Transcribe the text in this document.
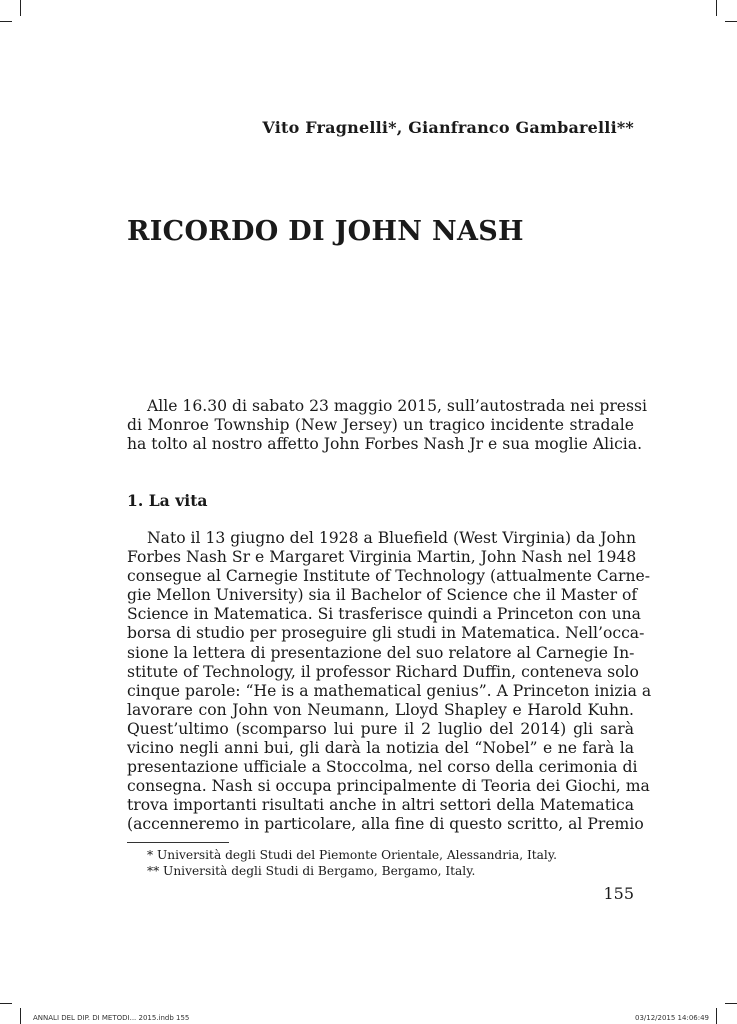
Vito Fragnelli*, Gianfranco Gambarelli**
RICORDO DI JOHN NASH
Alle 16.30 di sabato 23 maggio 2015, sull’autostrada nei pressi
di Monroe Township (New Jersey) un tragico incidente stradale
ha tolto al nostro affetto John Forbes Nash Jr e sua moglie Alicia.
1. La vita
Nato il 13 giugno del 1928 a Bluefield (West Virginia) da John
Forbes Nash Sr e Margaret Virginia Martin, John Nash nel 1948
consegue al Carnegie Institute of Technology (attualmente Carne-
gie Mellon University) sia il Bachelor of Science che il Master of
Science in Matematica. Si trasferisce quindi a Princeton con una
borsa di studio per proseguire gli studi in Matematica. Nell’occa-
sione la lettera di presentazione del suo relatore al Carnegie In-
stitute of Technology, il professor Richard Duffin, conteneva solo
cinque parole: “He is a mathematical genius”. A Princeton inizia a
lavorare con John von Neumann, Lloyd Shapley e Harold Kuhn.
Quest’ultimo (scomparso lui pure il 2 luglio del 2014) gli sarà
vicino negli anni bui, gli darà la notizia del “Nobel” e ne farà la
presentazione ufficiale a Stoccolma, nel corso della cerimonia di
consegna. Nash si occupa principalmente di Teoria dei Giochi, ma
trova importanti risultati anche in altri settori della Matematica
(accenneremo in particolare, alla fine di questo scritto, al Premio
* Università degli Studi del Piemonte Orientale, Alessandria, Italy.
** Università degli Studi di Bergamo, Bergamo, Italy.
155
ANNALI DEL DIP. DI METODI... 2015.indb 155	03/12/2015 14:06:49
